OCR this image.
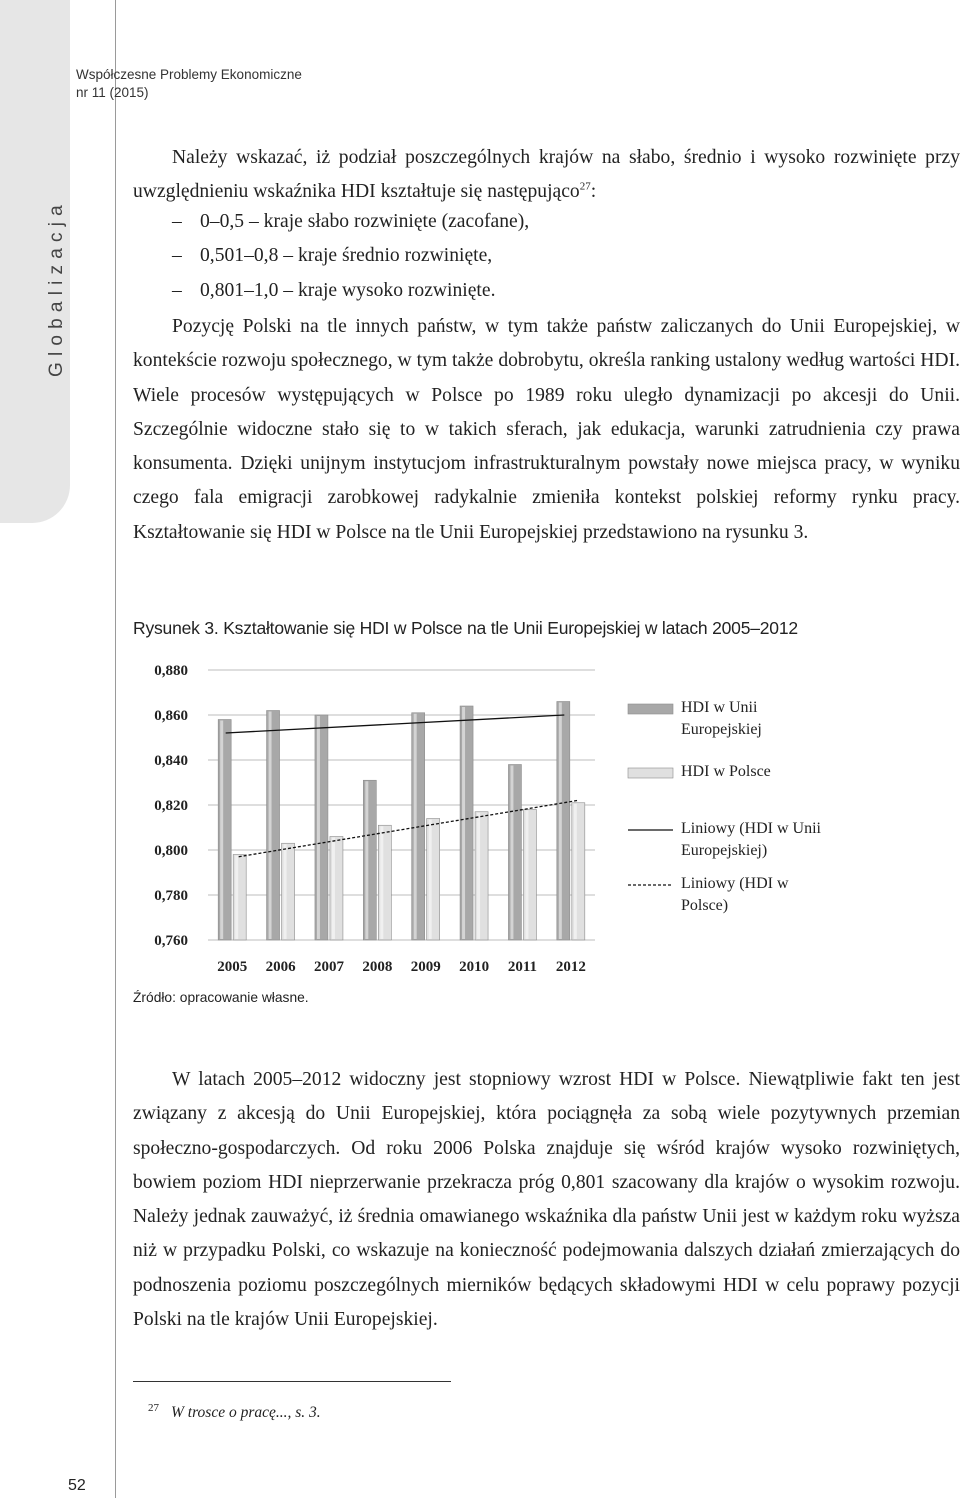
Globalizacja
Współczesne Problemy Ekonomiczne
nr 11 (2015)

Należy wskazać, iż podział poszczególnych krajów na słabo, średnio i wysoko rozwinięte przy uwzględnieniu wskaźnika HDI kształtuje się następująco$^{27}$:

– 0–0,5 – kraje słabo rozwinięte (zacofane),
– 0,501–0,8 – kraje średnio rozwinięte,
– 0,801–1,0 – kraje wysoko rozwinięte.

Pozycję Polski na tle innych państw, w tym także państw zaliczanych do Unii Europejskiej, w kontekście rozwoju społecznego, w tym także dobrobytu, określa ranking ustalony według wartości HDI. Wiele procesów występujących w Polsce po 1989 roku uległo dynamizacji po akcesji do Unii. Szczególnie widoczne stało się to w takich sferach, jak edukacja, warunki zatrudnienia czy prawa konsumenta. Dzięki unijnym instytucjom infrastrukturalnym powstały nowe miejsca pracy, w wyniku czego fala emigracji zarobkowej radykalnie zmieniła kontekst polskiej reformy rynku pracy. Kształtowanie się HDI w Polsce na tle Unii Europejskiej przedstawiono na rysunku 3.

Rysunek 3. Kształtowanie się HDI w Polsce na tle Unii Europejskiej w latach 2005–2012
0,880
0,860
0,840
0,820
0,800
0,780
0,760
2005 2006 2007 2008 2009 2010 2011 2012
HDI w Unii
Europejskiej
HDI w Polsce
Liniowy (HDI w Unii
Europejskiej)
Liniowy (HDI w
Polsce)
Źródło: opracowanie własne.

W latach 2005–2012 widoczny jest stopniowy wzrost HDI w Polsce. Niewątpliwie fakt ten jest związany z akcesją do Unii Europejskiej, która pociągnęła za sobą wiele pozytywnych przemian społeczno-gospodarczych. Od roku 2006 Polska znajduje się wśród krajów wysoko rozwiniętych, bowiem poziom HDI nieprzerwanie przekracza próg 0,801 szacowany dla krajów o wysokim rozwoju. Należy jednak zauważyć, iż średnia omawianego wskaźnika dla państw Unii jest w każdym roku wyższa niż w przypadku Polski, co wskazuje na konieczność podejmowania dalszych działań zmierzających do podnoszenia poziomu poszczególnych mierników będących składowymi HDI w celu poprawy pozycji Polski na tle krajów Unii Europejskiej.

$^{27}$ W trosce o pracę..., s. 3.
52
